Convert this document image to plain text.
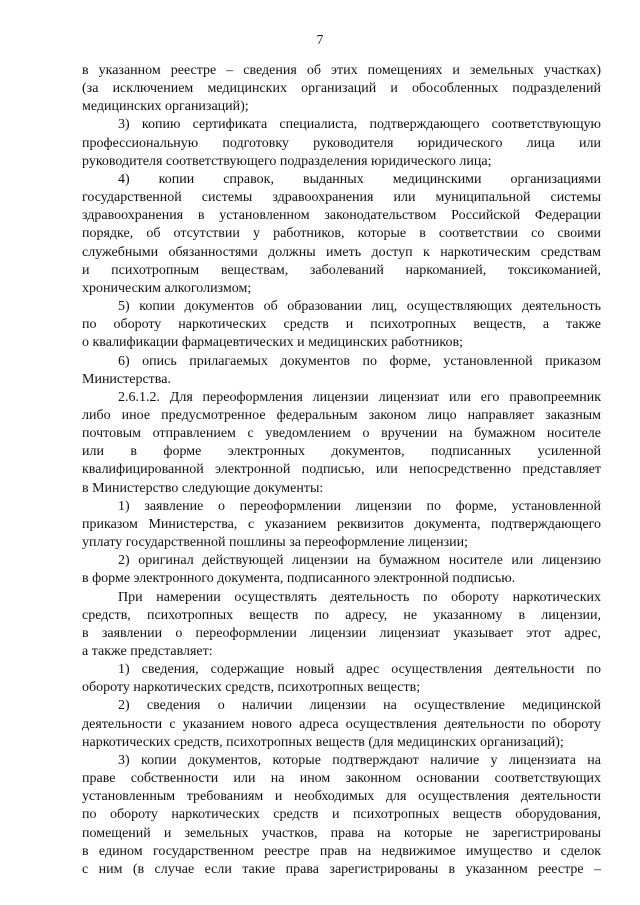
7

в указанном реестре – сведения об этих помещениях и земельных участках)

(за исключением медицинских организаций и обособленных подразделений

медицинских организаций);

3) копию сертификата специалиста, подтверждающего соответствующую

профессиональную подготовку руководителя юридического лица или

руководителя соответствующего подразделения юридического лица;

4) копии справок, выданных медицинскими организациями

государственной системы здравоохранения или муниципальной системы

здравоохранения в установленном законодательством Российской Федерации

порядке, об отсутствии у работников, которые в соответствии со своими

служебными обязанностями должны иметь доступ к наркотическим средствам

и психотропным веществам, заболеваний наркоманией, токсикоманией,

хроническим алкоголизмом;

5) копии документов об образовании лиц, осуществляющих деятельность

по обороту наркотических средств и психотропных веществ, а также

о квалификации фармацевтических и медицинских работников;

6) опись прилагаемых документов по форме, установленной приказом

Министерства.

2.6.1.2. Для переоформления лицензии лицензиат или его правопреемник

либо иное предусмотренное федеральным законом лицо направляет заказным

почтовым отправлением с уведомлением о вручении на бумажном носителе

или в форме электронных документов, подписанных усиленной

квалифицированной электронной подписью, или непосредственно представляет

в Министерство следующие документы:

1) заявление о переоформлении лицензии по форме, установленной

приказом Министерства, с указанием реквизитов документа, подтверждающего

уплату государственной пошлины за переоформление лицензии;

2) оригинал действующей лицензии на бумажном носителе или лицензию

в форме электронного документа, подписанного электронной подписью.

При намерении осуществлять деятельность по обороту наркотических

средств, психотропных веществ по адресу, не указанному в лицензии,

в заявлении о переоформлении лицензии лицензиат указывает этот адрес,

а также представляет:

1) сведения, содержащие новый адрес осуществления деятельности по

обороту наркотических средств, психотропных веществ;

2) сведения о наличии лицензии на осуществление медицинской

деятельности с указанием нового адреса осуществления деятельности по обороту

наркотических средств, психотропных веществ (для медицинских организаций);

3) копии документов, которые подтверждают наличие у лицензиата на

праве собственности или на ином законном основании соответствующих

установленным требованиям и необходимых для осуществления деятельности

по обороту наркотических средств и психотропных веществ оборудования,

помещений и земельных участков, права на которые не зарегистрированы

в едином государственном реестре прав на недвижимое имущество и сделок

с ним (в случае если такие права зарегистрированы в указанном реестре –
